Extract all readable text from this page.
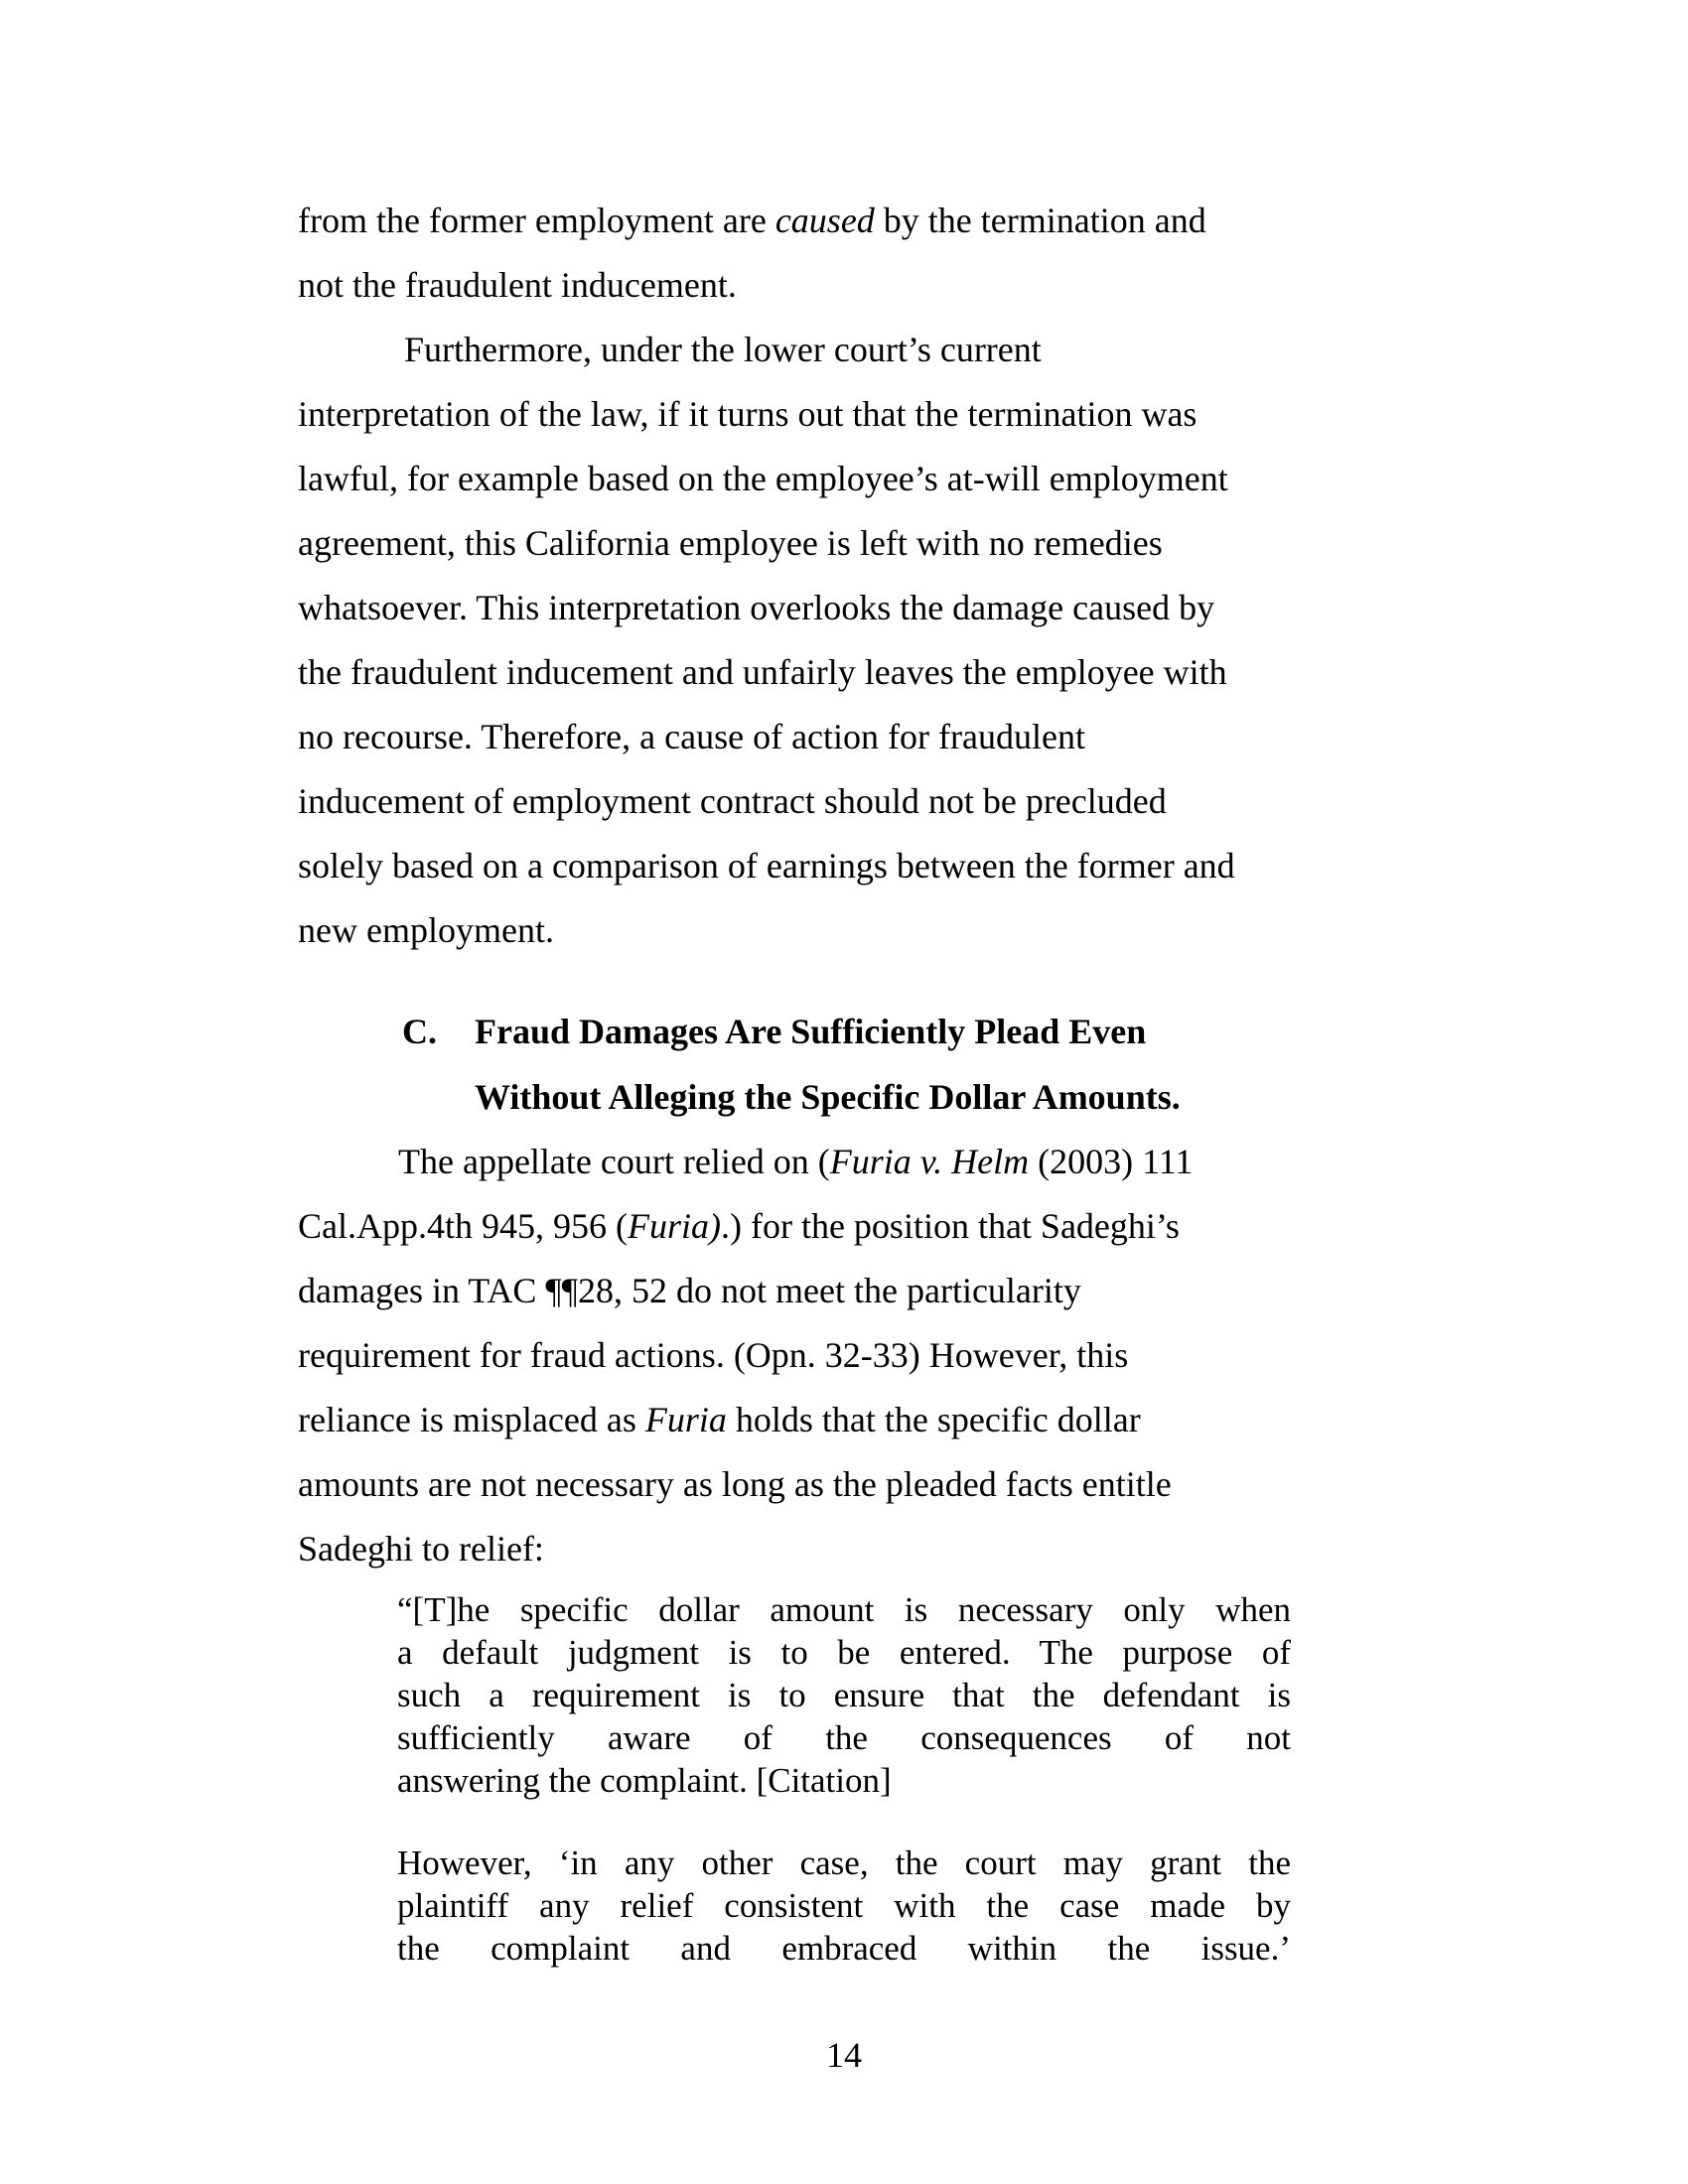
from the former employment are caused by the termination and
not the fraudulent inducement.
Furthermore, under the lower court’s current
interpretation of the law, if it turns out that the termination was
lawful, for example based on the employee’s at-will employment
agreement, this California employee is left with no remedies
whatsoever. This interpretation overlooks the damage caused by
the fraudulent inducement and unfairly leaves the employee with
no recourse. Therefore, a cause of action for fraudulent
inducement of employment contract should not be precluded
solely based on a comparison of earnings between the former and
new employment.
C. Fraud Damages Are Sufficiently Plead Even
Without Alleging the Specific Dollar Amounts.
The appellate court relied on (Furia v. Helm (2003) 111
Cal.App.4th 945, 956 (Furia).) for the position that Sadeghi’s
damages in TAC ¶¶28, 52 do not meet the particularity
requirement for fraud actions. (Opn. 32-33) However, this
reliance is misplaced as Furia holds that the specific dollar
amounts are not necessary as long as the pleaded facts entitle
Sadeghi to relief:
“[T]he specific dollar amount is necessary only when
a default judgment is to be entered. The purpose of
such a requirement is to ensure that the defendant is
sufficiently aware of the consequences of not
answering the complaint. [Citation]
However, ‘in any other case, the court may grant the
plaintiff any relief consistent with the case made by
the complaint and embraced within the issue.’
14
